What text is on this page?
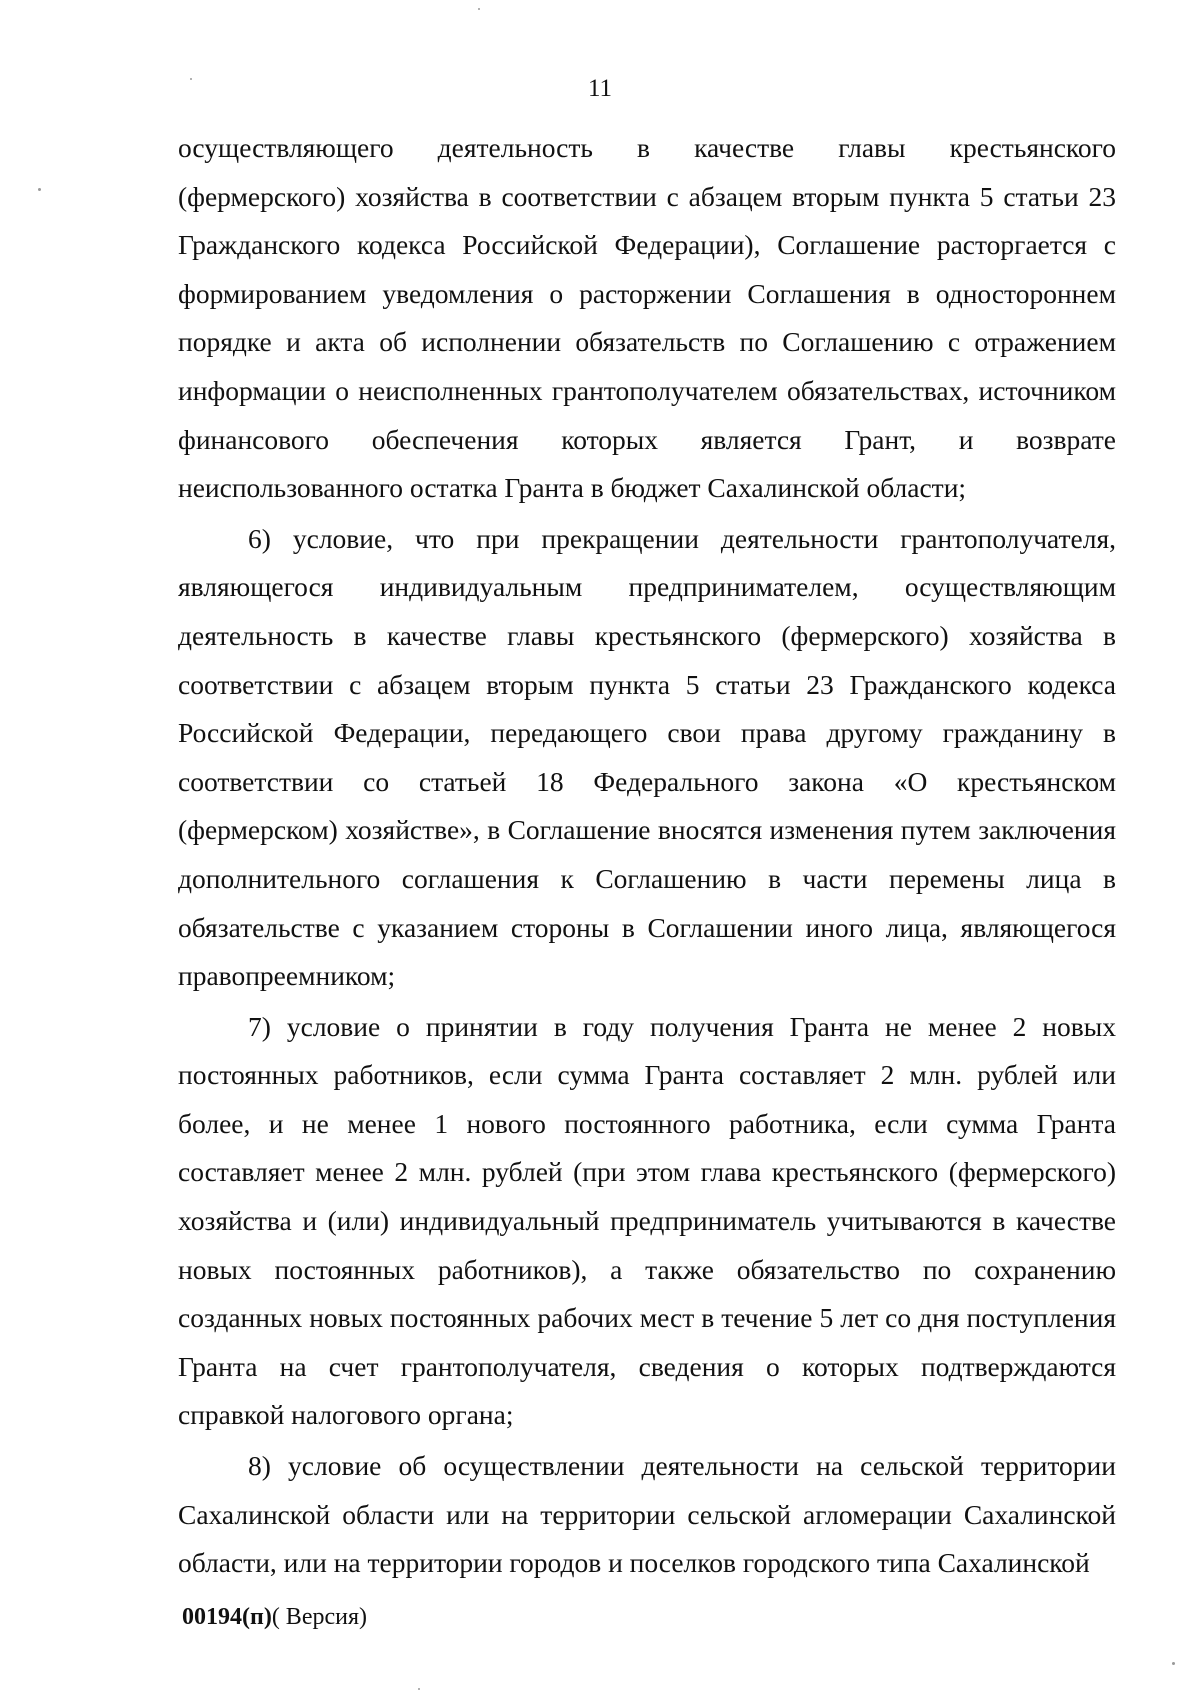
11

осуществляющего деятельность в качестве главы крестьянского

(фермерского) хозяйства в соответствии с абзацем вторым пункта 5 статьи 23 Гражданского кодекса Российской Федерации), Соглашение расторгается с формированием уведомления о расторжении Соглашения в одностороннем порядке и акта об исполнении обязательств по Соглашению с отражением информации о неисполненных грантополучателем обязательствах, источником финансового обеспечения которых является Грант, и возврате неиспользованного остатка Гранта в бюджет Сахалинской области;

6) условие, что при прекращении деятельности грантополучателя, являющегося индивидуальным предпринимателем, осуществляющим деятельность в качестве главы крестьянского (фермерского) хозяйства в соответствии с абзацем вторым пункта 5 статьи 23 Гражданского кодекса Российской Федерации, передающего свои права другому гражданину в соответствии со статьей 18 Федерального закона «О крестьянском (фермерском) хозяйстве», в Соглашение вносятся изменения путем заключения дополнительного соглашения к Соглашению в части перемены лица в обязательстве с указанием стороны в Соглашении иного лица, являющегося правопреемником;

7) условие о принятии в году получения Гранта не менее 2 новых постоянных работников, если сумма Гранта составляет 2 млн. рублей или более, и не менее 1 нового постоянного работника, если сумма Гранта составляет менее 2 млн. рублей (при этом глава крестьянского (фермерского) хозяйства и (или) индивидуальный предприниматель учитываются в качестве новых постоянных работников), а также обязательство по сохранению созданных новых постоянных рабочих мест в течение 5 лет со дня поступления Гранта на счет грантополучателя, сведения о которых подтверждаются справкой налогового органа;

8) условие об осуществлении деятельности на сельской территории Сахалинской области или на территории сельской агломерации Сахалинской области, или на территории городов и поселков городского типа Сахалинской

00194(п)( Версия)
